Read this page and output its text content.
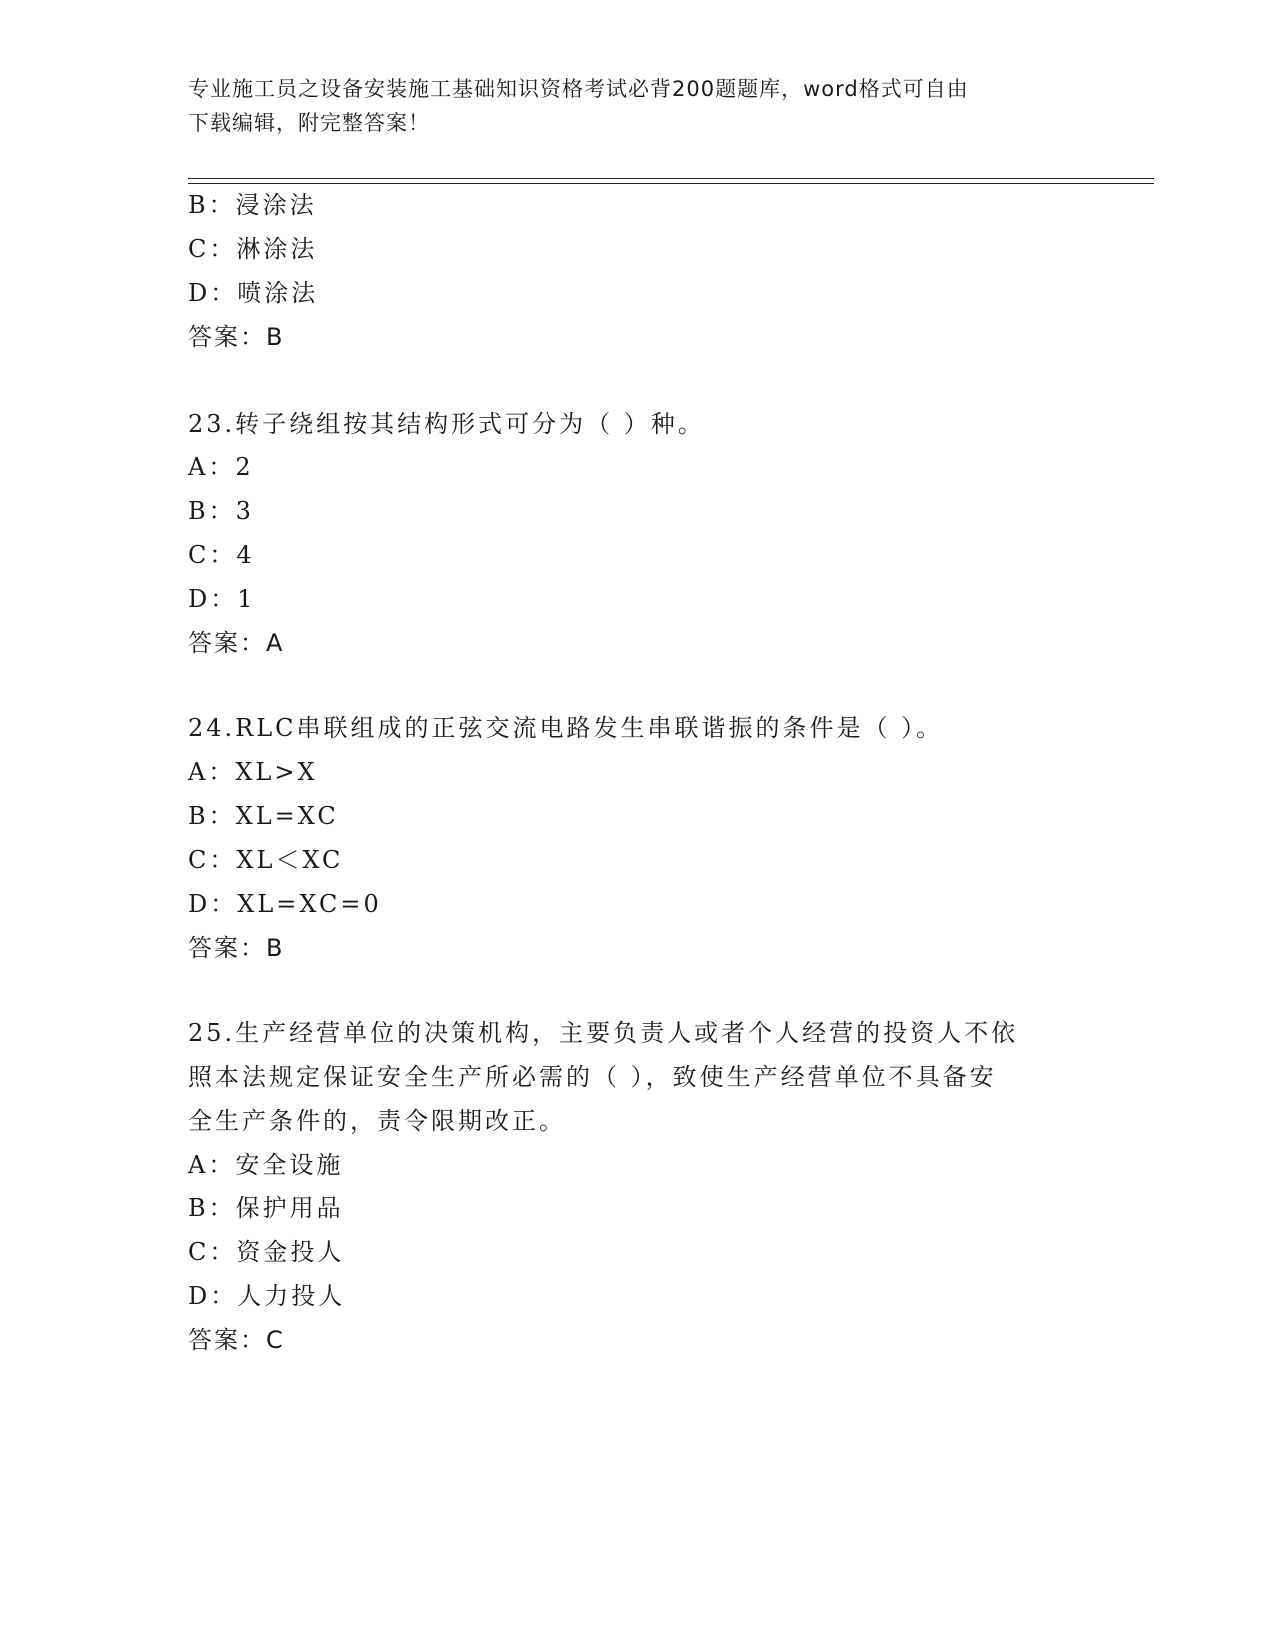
专业施工员之设备安装施工基础知识资格考试必背200题题库，word格式可自由
下载编辑，附完整答案！

B：浸涂法

C：淋涂法

D：喷涂法

答案：B

23.转子绕组按其结构形式可分为（ ）种。

A：2

B：3

C：4

D：1

答案：A

24.RLC串联组成的正弦交流电路发生串联谐振的条件是（ ）。

A：XL>X

B：XL=XC

C：XL＜XC

D：XL=XC=0

答案：B

25.生产经营单位的决策机构，主要负责人或者个人经营的投资人不依

照本法规定保证安全生产所必需的（ ），致使生产经营单位不具备安

全生产条件的，责令限期改正。

A：安全设施

B：保护用品

C：资金投人

D：人力投人

答案：C
